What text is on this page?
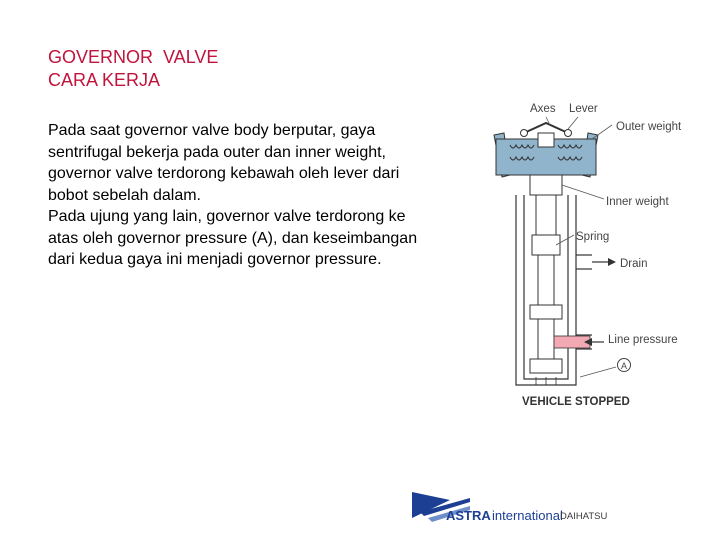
GOVERNOR  VALVE
CARA KERJA

Pada saat governor valve body berputar, gaya sentrifugal bekerja pada outer dan inner weight, governor valve terdorong kebawah oleh lever dari bobot sebelah dalam.

Pada ujung yang lain, governor valve terdorong ke atas oleh governor pressure (A), dan keseimbangan dari kedua gaya ini menjadi governor pressure.

Axes Lever
Outer weight
Inner weight
Spring
Drain
Line pressure
A
VEHICLE STOPPED
ASTRA international
DAIHATSU
